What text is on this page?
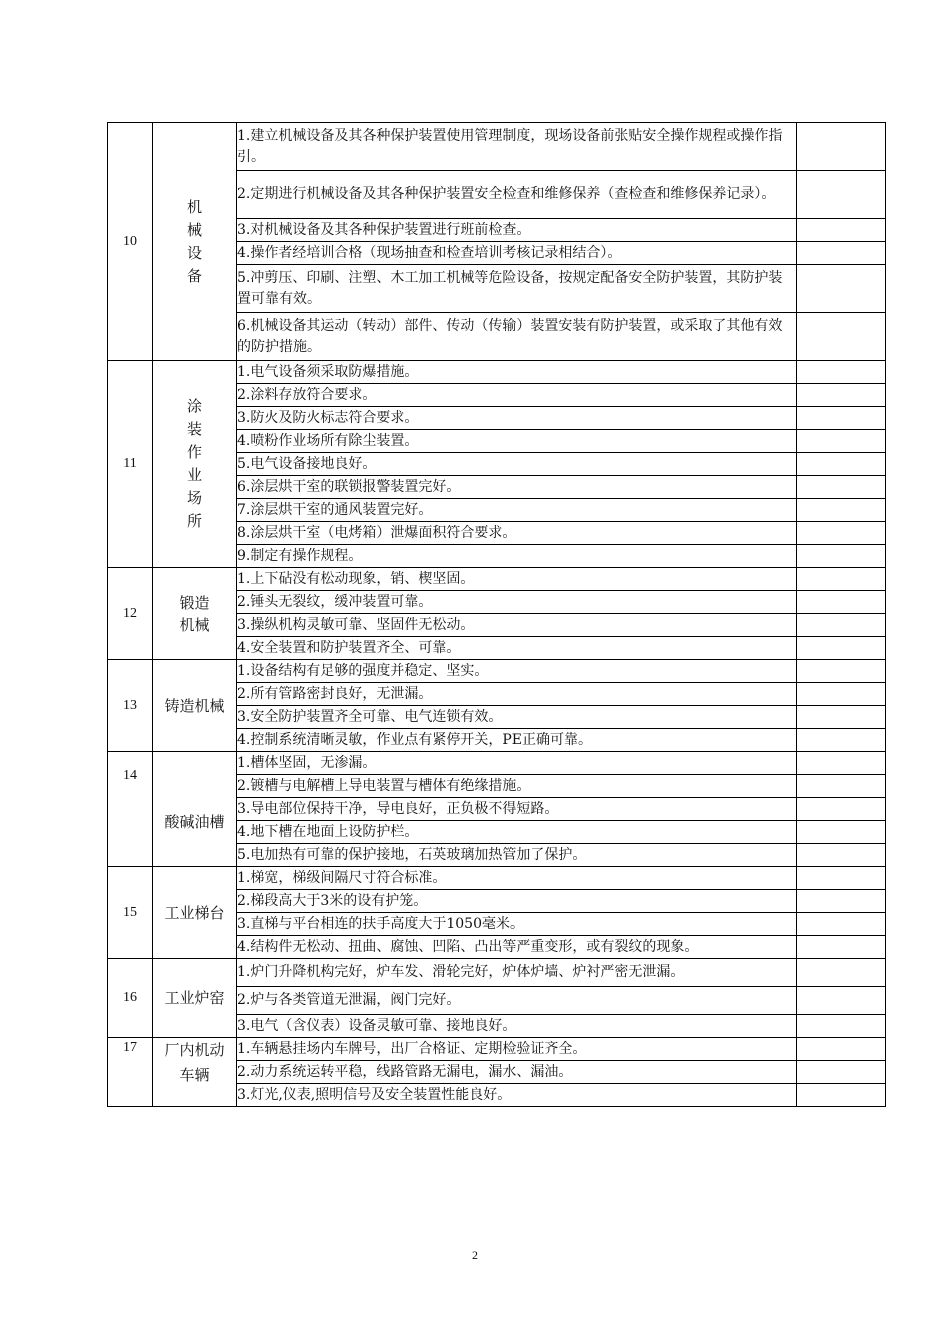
10	机械设备	1.建立机械设备及其各种保护装置使用管理制度，现场设备前张贴安全操作规程或操作指引。	
		2.定期进行机械设备及其各种保护装置安全检查和维修保养（查检查和维修保养记录）。	
		3.对机械设备及其各种保护装置进行班前检查。	
		4.操作者经培训合格（现场抽查和检查培训考核记录相结合）。	
		5.冲剪压、印刷、注塑、木工加工机械等危险设备，按规定配备安全防护装置，其防护装置可靠有效。	
		6.机械设备其运动（转动）部件、传动（传输）装置安装有防护装置，或采取了其他有效的防护措施。	
11	涂装作业场所	1.电气设备须采取防爆措施。	
		2.涂料存放符合要求。	
		3.防火及防火标志符合要求。	
		4.喷粉作业场所有除尘装置。	
		5.电气设备接地良好。	
		6.涂层烘干室的联锁报警装置完好。	
		7.涂层烘干室的通风装置完好。	
		8.涂层烘干室（电烤箱）泄爆面积符合要求。	
		9.制定有操作规程。	
12	锻造机械	1.上下砧没有松动现象，销、楔坚固。	
		2.锤头无裂纹，缓冲装置可靠。	
		3.操纵机构灵敏可靠、坚固件无松动。	
		4.安全装置和防护装置齐全、可靠。	
13	铸造机械	1.设备结构有足够的强度并稳定、坚实。	
		2.所有管路密封良好，无泄漏。	
		3.安全防护装置齐全可靠、电气连锁有效。	
		4.控制系统清晰灵敏，作业点有紧停开关，PE正确可靠。	
14	酸碱油槽	1.槽体坚固，无渗漏。	
		2.镀槽与电解槽上导电装置与槽体有绝缘措施。	
		3.导电部位保持干净，导电良好，正负极不得短路。	
		4.地下槽在地面上设防护栏。	
		5.电加热有可靠的保护接地，石英玻璃加热管加了保护。	
15	工业梯台	1.梯宽，梯级间隔尺寸符合标准。	
		2.梯段高大于3米的设有护笼。	
		3.直梯与平台相连的扶手高度大于1050毫米。	
		4.结构件无松动、扭曲、腐蚀、凹陷、凸出等严重变形，或有裂纹的现象。	
16	工业炉窑	1.炉门升降机构完好，炉车发、滑轮完好，炉体炉墙、炉衬严密无泄漏。	
		2.炉与各类管道无泄漏，阀门完好。	
		3.电气（含仪表）设备灵敏可靠、接地良好。	
17	厂内机动车辆	1.车辆悬挂场内车牌号，出厂合格证、定期检验证齐全。	
		2.动力系统运转平稳，线路管路无漏电，漏水、漏油。	
		3.灯光,仪表,照明信号及安全装置性能良好。	
2
